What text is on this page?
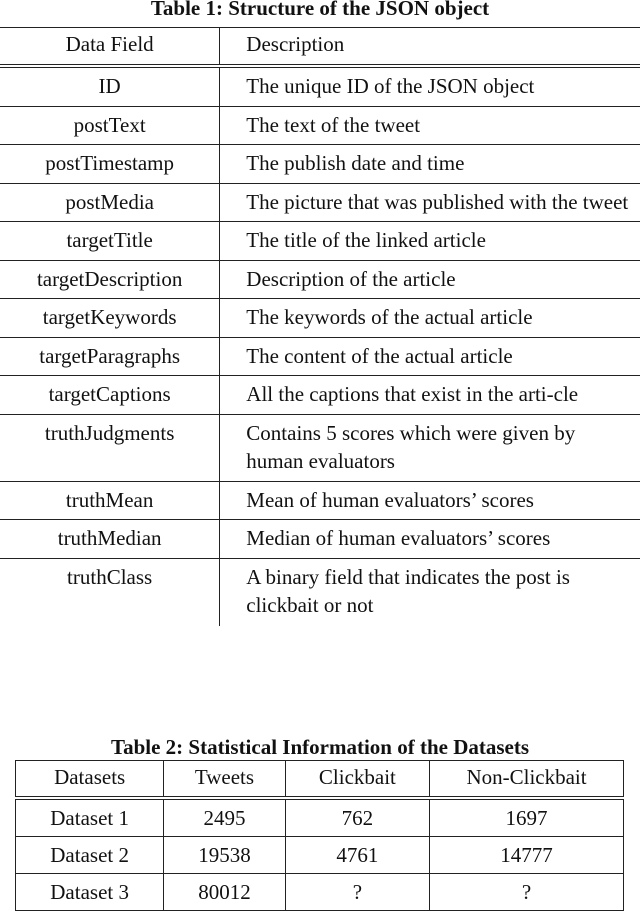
Table 1: Structure of the JSON object

Data Field	Description
ID	The unique ID of the JSON object
postText	The text of the tweet
postTimestamp	The publish date and time
postMedia	The picture that was published with the tweet
targetTitle	The title of the linked article
targetDescription	Description of the article
targetKeywords	The keywords of the actual article
targetParagraphs	The content of the actual article
targetCaptions	All the captions that exist in the arti-cle
truthJudgments	Contains 5 scores which were given by human evaluators
truthMean	Mean of human evaluators’ scores
truthMedian	Median of human evaluators’ scores
truthClass	A binary field that indicates the post is clickbait or not

Table 2: Statistical Information of the Datasets

Datasets	Tweets	Clickbait	Non-Clickbait
Dataset 1	2495	762	1697
Dataset 2	19538	4761	14777
Dataset 3	80012	?	?
